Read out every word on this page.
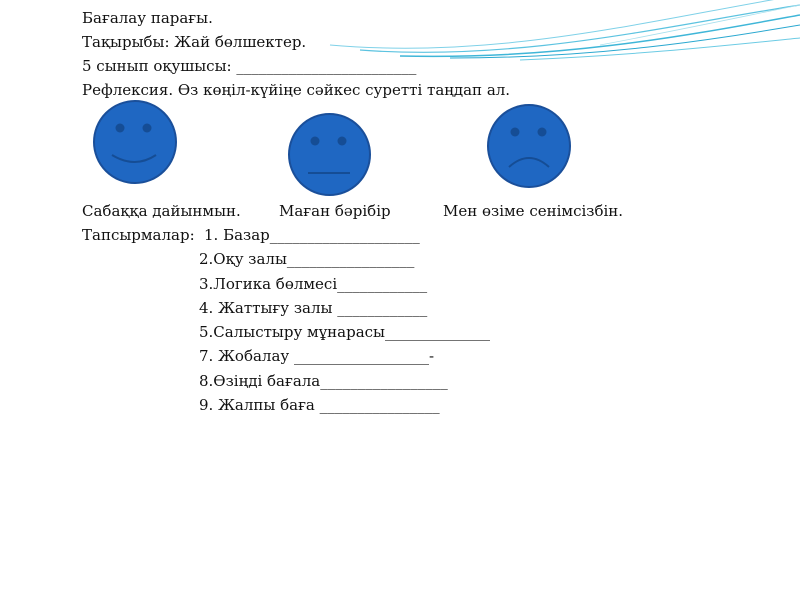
Бағалау парағы.
Тақырыбы: Жай бөлшектер.
5 сынып оқушысы: ________________________
Рефлексия. Өз көңіл-күйіңе сәйкес суретті таңдап ал.
Сабаққа дайынмын.	Маған бәрібір	Мен өзіме сенімсізбін.
Тапсырмалар: 1. Базар____________________
2.Оқу залы_________________
3.Логика бөлмесі____________
4. Жаттығу залы ____________
5.Салыстыру мұнарасы______________
7. Жобалау __________________-
8.Өзіңді бағала_________________
9. Жалпы баға ________________
